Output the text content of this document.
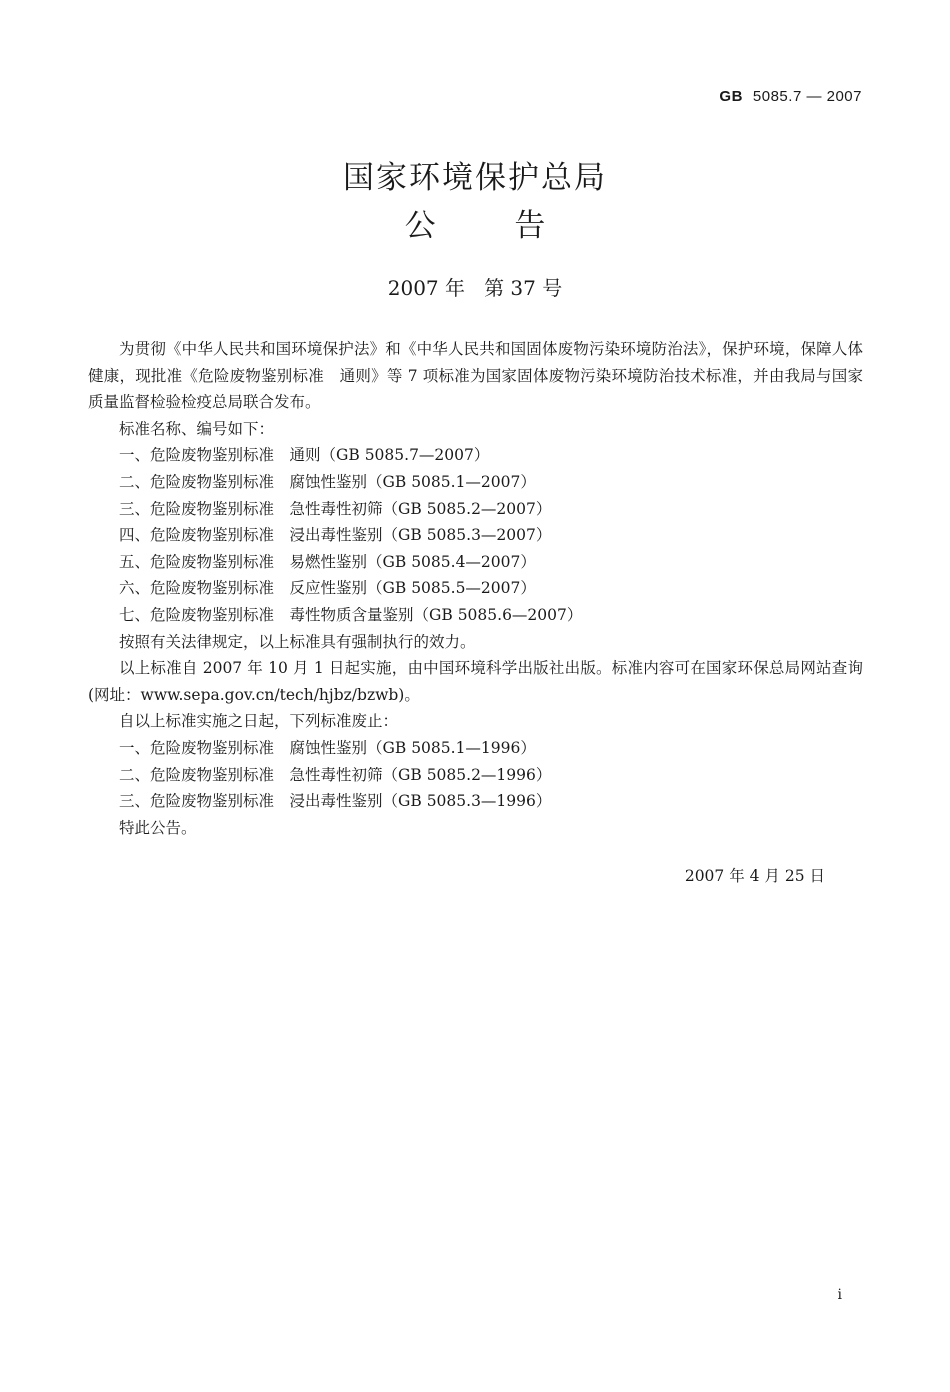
GB 5085.7 — 2007
国家环境保护总局
公        告
2007 年   第 37 号

为贯彻《中华人民共和国环境保护法》和《中华人民共和国固体废物污染环境防治法》，保护环境，保障人体健康，现批准《危险废物鉴别标准　通则》等 7 项标准为国家固体废物污染环境防治技术标准，并由我局与国家质量监督检验检疫总局联合发布。

标准名称、编号如下：

一、危险废物鉴别标准　通则（GB 5085.7—2007）

二、危险废物鉴别标准　腐蚀性鉴别（GB 5085.1—2007）

三、危险废物鉴别标准　急性毒性初筛（GB 5085.2—2007）

四、危险废物鉴别标准　浸出毒性鉴别（GB 5085.3—2007）

五、危险废物鉴别标准　易燃性鉴别（GB 5085.4—2007）

六、危险废物鉴别标准　反应性鉴别（GB 5085.5—2007）

七、危险废物鉴别标准　毒性物质含量鉴别（GB 5085.6—2007）

按照有关法律规定，以上标准具有强制执行的效力。

以上标准自 2007 年 10 月 1 日起实施，由中国环境科学出版社出版。标准内容可在国家环保总局网站查询(网址：www.sepa.gov.cn/tech/hjbz/bzwb)。

自以上标准实施之日起，下列标准废止：

一、危险废物鉴别标准　腐蚀性鉴别（GB 5085.1—1996）

二、危险废物鉴别标准　急性毒性初筛（GB 5085.2—1996）

三、危险废物鉴别标准　浸出毒性鉴别（GB 5085.3—1996）

特此公告。

2007 年 4 月 25 日
i
